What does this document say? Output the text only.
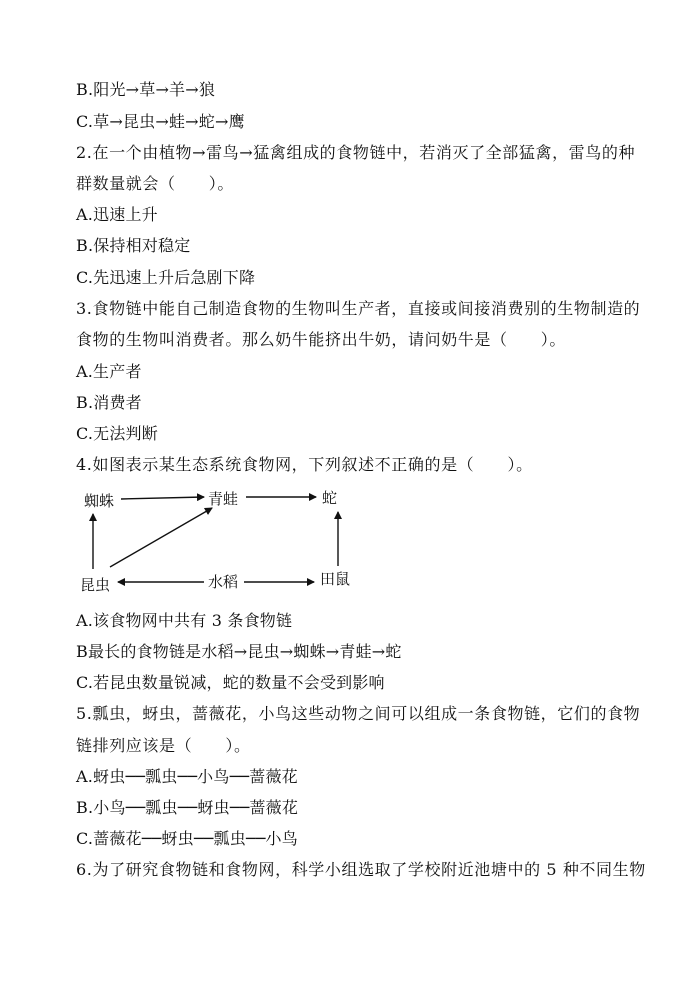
B.阳光→草→羊→狼
C.草→昆虫→蛙→蛇→鹰
2.在一个由植物→雷鸟→猛禽组成的食物链中，若消灭了全部猛禽，雷鸟的种
群数量就会（　　）。
A.迅速上升
B.保持相对稳定
C.先迅速上升后急剧下降
3.食物链中能自己制造食物的生物叫生产者，直接或间接消费别的生物制造的
食物的生物叫消费者。那么奶牛能挤出牛奶，请问奶牛是（　　）。
A.生产者
B.消费者
C.无法判断
4.如图表示某生态系统食物网，下列叙述不正确的是（　　）。
蜘蛛	青蛙	蛇
昆虫	水稻	田鼠
A.该食物网中共有 3 条食物链
B最长的食物链是水稻→昆虫→蜘蛛→青蛙→蛇
C.若昆虫数量锐减，蛇的数量不会受到影响
5.瓢虫，蚜虫，蔷薇花，小鸟这些动物之间可以组成一条食物链，它们的食物
链排列应该是（　　）。
A.蚜虫──瓢虫──小鸟──蔷薇花
B.小鸟──瓢虫──蚜虫──蔷薇花
C.蔷薇花──蚜虫──瓢虫──小鸟
6.为了研究食物链和食物网，科学小组选取了学校附近池塘中的 5 种不同生物
